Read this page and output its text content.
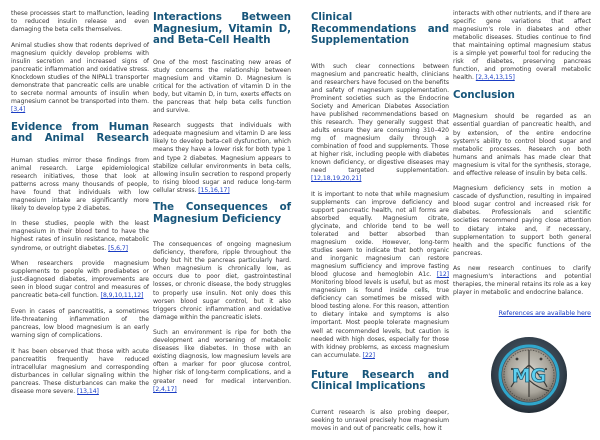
these processes start to malfunction, leading to reduced insulin release and even damaging the beta cells themselves.

Animal studies show that rodents deprived of magnesium quickly develop problems with insulin secretion and increased signs of pancreatic inflammation and oxidative stress. Knockdown studies of the NIPAL1 transporter demonstrate that pancreatic cells are unable to secrete normal amounts of insulin when magnesium cannot be transported into them. [3,4]

Evidence from Human and Animal Research

Human studies mirror these findings from animal research. Large epidemiological research initiatives, those that look at patterns across many thousands of people, have found that individuals with low magnesium intake are significantly more likely to develop type 2 diabetes.

In these studies, people with the least magnesium in their blood tend to have the highest rates of insulin resistance, metabolic syndrome, or outright diabetes. [5,6,7]

When researchers provide magnesium supplements to people with prediabetes or just-diagnosed diabetes, improvements are seen in blood sugar control and measures of pancreatic beta-cell function. [8,9,10,11,12]

Even in cases of pancreatitis, a sometimes life-threatening inflammation of the pancreas, low blood magnesium is an early warning sign of complications.

It has been observed that those with acute pancreatitis frequently have reduced intracellular magnesium and corresponding disturbances in cellular signaling within the pancreas. These disturbances can make the disease more severe. [13,14]

Interactions Between Magnesium, Vitamin D, and Beta-Cell Health

One of the most fascinating new areas of study concerns the relationship between magnesium and vitamin D. Magnesium is critical for the activation of vitamin D in the body, but vitamin D, in turn, exerts effects on the pancreas that help beta cells function and survive.

Research suggests that individuals with adequate magnesium and vitamin D are less likely to develop beta-cell dysfunction, which means they have a lower risk for both type 1 and type 2 diabetes. Magnesium appears to stabilize cellular environments in beta cells, allowing insulin secretion to respond properly to rising blood sugar and reduce long-term cellular stress. [15,16,17]

The Consequences of Magnesium Deficiency

The consequences of ongoing magnesium deficiency, therefore, ripple throughout the body but hit the pancreas particularly hard. When magnesium is chronically low, as occurs due to poor diet, gastrointestinal losses, or chronic disease, the body struggles to properly use insulin. Not only does this worsen blood sugar control, but it also triggers chronic inflammation and oxidative damage within the pancreatic islets.

Such an environment is ripe for both the development and worsening of metabolic diseases like diabetes. In those with an existing diagnosis, low magnesium levels are often a marker for poor glucose control, higher risk of long-term complications, and a greater need for medical intervention. [2,4,17]

Clinical Recommendations and Supplementation

With such clear connections between magnesium and pancreatic health, clinicians and researchers have focused on the benefits and safety of magnesium supplementation. Prominent societies such as the Endocrine Society and American Diabetes Association have published recommendations based on this research. They generally suggest that adults ensure they are consuming 310–420 mg of magnesium daily through a combination of food and supplements. Those at higher risk, including people with diabetes known deficiency, or digestive diseases may need targeted supplementation. [12,18,19,20,21]

It is important to note that while magnesium supplements can improve deficiency and support pancreatic health, not all forms are absorbed equally. Magnesium citrate, glycinate, and chloride tend to be well tolerated and better absorbed than magnesium oxide. However, long-term studies seem to indicate that both organic and inorganic magnesium can restore magnesium sufficiency and improve fasting blood glucose and hemoglobin A1c. [12] Monitoring blood levels is useful, but as most magnesium is found inside cells, true deficiency can sometimes be missed with blood testing alone. For this reason, attention to dietary intake and symptoms is also important. Most people tolerate magnesium well at recommended levels, but caution is needed with high doses, especially for those with kidney problems, as excess magnesium can accumulate. [22]

Future Research and Clinical Implications

Current research is also probing deeper, seeking to unravel precisely how magnesium moves in and out of pancreatic cells, how it

interacts with other nutrients, and if there are specific gene variations that affect magnesium's role in diabetes and other metabolic diseases. Studies continue to find that maintaining optimal magnesium status is a simple yet powerful tool for reducing the risk of diabetes, preserving pancreas function, and promoting overall metabolic health. [2,3,4,13,15]

Conclusion

Magnesium should be regarded as an essential guardian of pancreatic health, and by extension, of the entire endocrine system's ability to control blood sugar and metabolic processes. Research on both humans and animals has made clear that magnesium is vital for the synthesis, storage, and effective release of insulin by beta cells.

Magnesium deficiency sets in motion a cascade of dysfunction, resulting in impaired blood sugar control and increased risk for diabetes. Professionals and scientific societies recommend paying close attention to dietary intake and, if necessary, supplementation to support both general health and the specific functions of the pancreas.

As new research continues to clarify magnesium's interactions and potential therapies, the mineral retains its role as a key player in metabolic and endocrine balance.

References are available here
MG
